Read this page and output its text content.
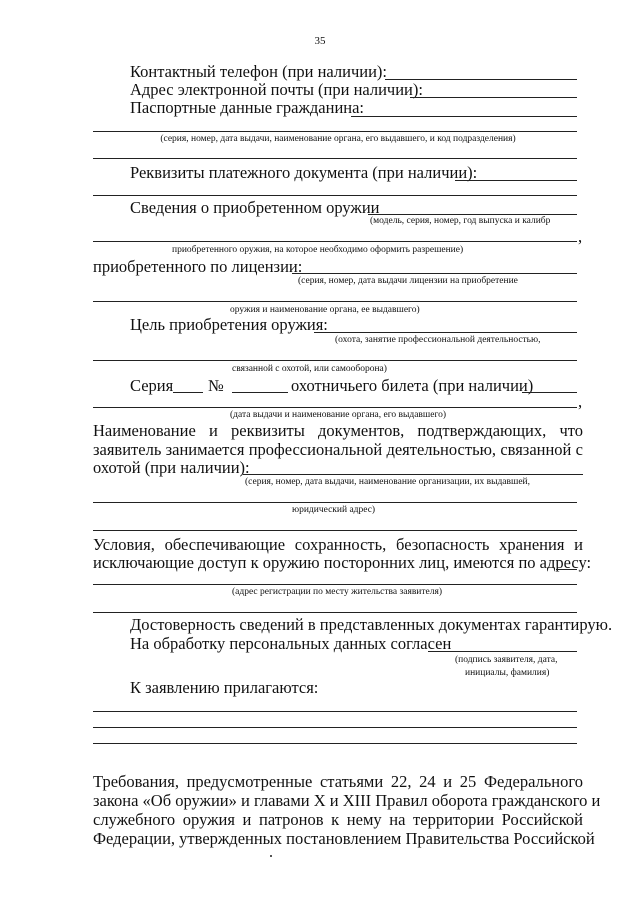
35
Контактный телефон (при наличии):
Адрес электронной почты (при наличии):
Паспортные данные гражданина:
(серия, номер, дата выдачи, наименование органа, его выдавшего, и код подразделения)
Реквизиты платежного документа (при наличии):
Сведения о приобретенном оружии
(модель, серия, номер, год выпуска и калибр
,
приобретенного оружия, на которое необходимо оформить разрешение)
приобретенного по лицензии:
(серия, номер, дата выдачи лицензии на приобретение
оружия и наименование органа, ее выдавшего)
Цель приобретения оружия:
(охота, занятие профессиональной деятельностью,
связанной с охотой, или самооборона)
Серия №	охотничьего билета (при наличии)
,
(дата выдачи и наименование органа, его выдавшего)
Наименование и реквизиты документов, подтверждающих, что
заявитель занимается профессиональной деятельностью, связанной с
охотой (при наличии):
(серия, номер, дата выдачи, наименование организации, их выдавшей,
юридический адрес)
Условия, обеспечивающие сохранность, безопасность хранения и
исключающие доступ к оружию посторонних лиц, имеются по адресу:
(адрес регистрации по месту жительства заявителя)
Достоверность сведений в представленных документах гарантирую.
На обработку персональных данных согласен
(подпись заявителя, дата,
инициалы, фамилия)
К заявлению прилагаются:
Требования, предусмотренные статьями 22, 24 и 25 Федерального
закона «Об оружии» и главами X и XIII Правил оборота гражданского и
служебного оружия и патронов к нему на территории Российской
Федерации, утвержденных постановлением Правительства Российской
